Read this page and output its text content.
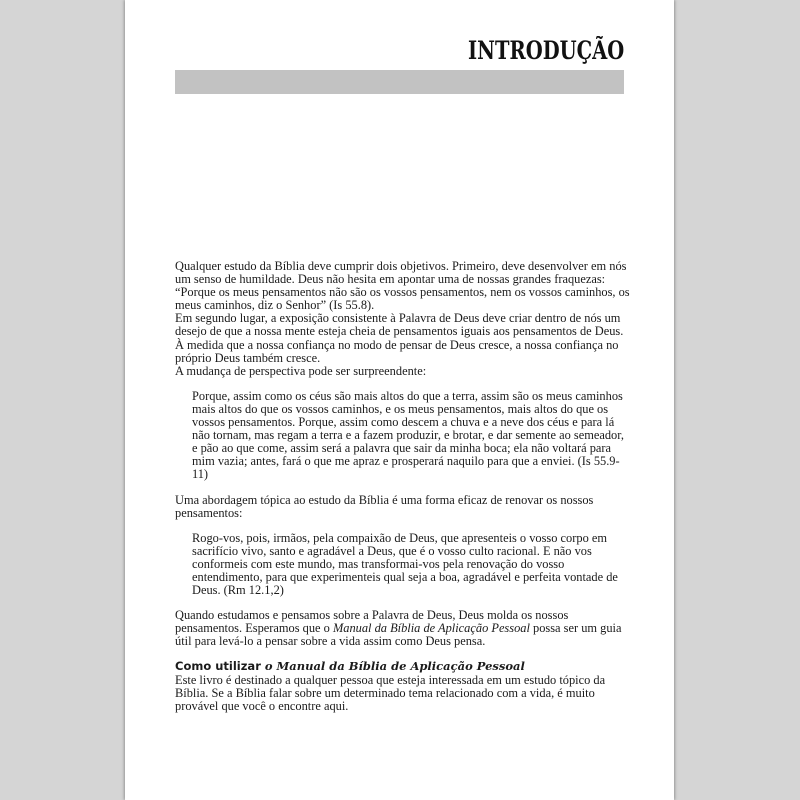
INTRODUÇÃO

Qualquer estudo da Bíblia deve cumprir dois objetivos. Primeiro, deve desenvolver em nós um senso de humildade. Deus não hesita em apontar uma de nossas grandes fraquezas: “Porque os meus pensamentos não são os vossos pensamentos, nem os vossos caminhos, os meus caminhos, diz o Senhor” (Is 55.8).

Em segundo lugar, a exposição consistente à Palavra de Deus deve criar dentro de nós um desejo de que a nossa mente esteja cheia de pensamentos iguais aos pensamentos de Deus. À medida que a nossa confiança no modo de pensar de Deus cresce, a nossa confiança no próprio Deus também cresce.

A mudança de perspectiva pode ser surpreendente:

Porque, assim como os céus são mais altos do que a terra, assim são os meus caminhos mais altos do que os vossos caminhos, e os meus pensamentos, mais altos do que os vossos pensamentos. Porque, assim como descem a chuva e a neve dos céus e para lá não tornam, mas regam a terra e a fazem produzir, e brotar, e dar semente ao semeador, e pão ao que come, assim será a palavra que sair da minha boca; ela não voltará para mim vazia; antes, fará o que me apraz e prosperará naquilo para que a enviei. (Is 55.9-11)

Uma abordagem tópica ao estudo da Bíblia é uma forma eficaz de renovar os nossos pensamentos:

Rogo-vos, pois, irmãos, pela compaixão de Deus, que apresenteis o vosso corpo em sacrifício vivo, santo e agradável a Deus, que é o vosso culto racional. E não vos conformeis com este mundo, mas transformai-vos pela renovação do vosso entendimento, para que experimenteis qual seja a boa, agradável e perfeita vontade de Deus. (Rm 12.1,2)

Quando estudamos e pensamos sobre a Palavra de Deus, Deus molda os nossos pensamentos. Esperamos que o Manual da Bíblia de Aplicação Pessoal possa ser um guia útil para levá-lo a pensar sobre a vida assim como Deus pensa.

Como utilizar o Manual da Bíblia de Aplicação Pessoal

Este livro é destinado a qualquer pessoa que esteja interessada em um estudo tópico da Bíblia. Se a Bíblia falar sobre um determinado tema relacionado com a vida, é muito provável que você o encontre aqui.
